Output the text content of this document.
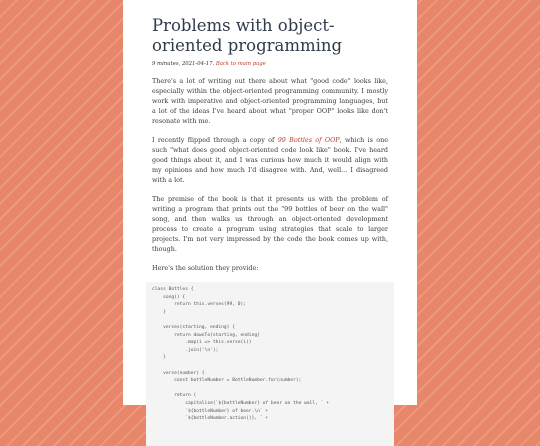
Problems with object-oriented programming
9 minutes, 2021-04-17. Back to main page

There's a lot of writing out there about what "good code" looks like, especially within the object-oriented programming community. I mostly work with imperative and object-oriented programming languages, but a lot of the ideas I've heard about what "proper OOP" looks like don't resonate with me.

I recently flipped through a copy of 99 Bottles of OOP, which is one such "what does good object-oriented code look like" book. I've heard good things about it, and I was curious how much it would align with my opinions and how much I'd disagree with. And, well... I disagreed with a lot.

The premise of the book is that it presents us with the problem of writing a program that prints out the "99 bottles of beer on the wall" song, and then walks us through an object-oriented development process to create a program using strategies that scale to larger projects. I'm not very impressed by the code the book comes up with, though.

Here's the solution they provide:

class Bottles {
song() {
return this.verses(99, 0);
}

verses(starting, ending) {
return downTo(starting, ending)
.map(i => this.verse(i))
.join('\n');
}

verse(number) {
const bottleNumber = BottleNumber.for(number);

return (
capitalize(`${bottleNumber} of beer on the wall, ` +
`${bottleNumber} of beer.\n` +
`${bottleNumber.action()}, ` +
